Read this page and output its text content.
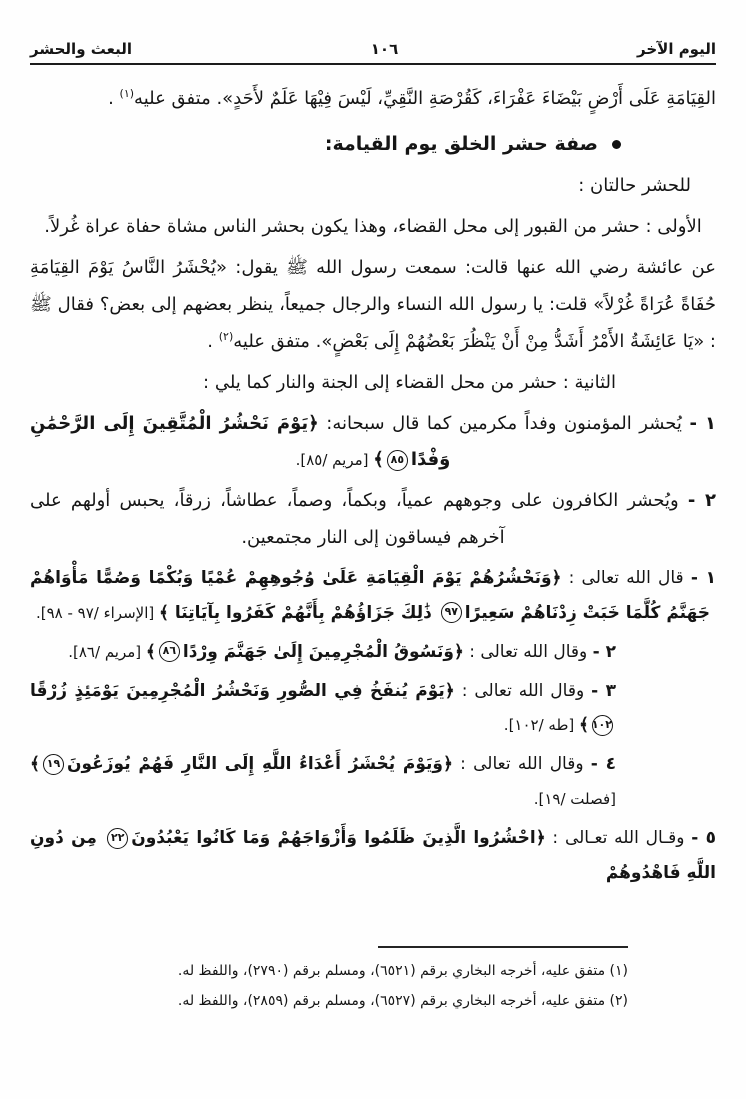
اليوم الآخر
١٠٦
البعث والحشر

القِيَامَةِ عَلَى أَرْضٍ بَيْضَاءَ عَفْرَاءَ، كَقُرْصَةِ النَّقِيِّ، لَيْسَ فِيْهَا عَلَمٌ لأَحَدٍ». متفق عليه$^{(١)}$ .

صفة حشر الخلق يوم القيامة:

للحشر حالتان :

الأولى : حشر من القبور إلى محل القضاء، وهذا يكون بحشر الناس مشاة حفاة عراة غُرلاً.

عن عائشة رضي الله عنها قالت: سمعت رسول الله ﷺ يقول: «يُحْشَرُ النَّاسُ يَوْمَ القِيَامَةِ حُفَاةً عُرَاةً غُرْلاً» قلت: يا رسول الله النساء والرجال جميعاً، ينظر بعضهم إلى بعض؟ فقال ﷺ : «يَا عَائِشَةُ الأَمْرُ أَشَدُّ مِنْ أَنْ يَنْظُرَ بَعْضُهُمْ إِلَى بَعْضٍ». متفق عليه$^{(٢)}$ .

الثانية : حشر من محل القضاء إلى الجنة والنار كما يلي :

١ - يُحشر المؤمنون وفداً مكرمين كما قال سبحانه: ﴿يَوْمَ نَحْشُرُ الْمُتَّقِينَ إِلَى الرَّحْمَٰنِ وَفْدًا٨٥﴾ [مريم /٨٥].

٢ - ويُحشر الكافرون على وجوههم عمياً، وبكماً، وصماً، عطاشاً، زرقاً، يحبس أولهم على آخرهم فيساقون إلى النار مجتمعين.

١ - قال الله تعالى : ﴿وَنَحْشُرُهُمْ يَوْمَ الْقِيَامَةِ عَلَىٰ وُجُوهِهِمْ عُمْيًا وَبُكْمًا وَصُمًّا مَأْوَاهُمْ جَهَنَّمُ كُلَّمَا خَبَتْ زِدْنَاهُمْ سَعِيرًا٩٧ ذَٰلِكَ جَزَاؤُهُمْ بِأَنَّهُمْ كَفَرُوا بِآيَاتِنَا ﴾ [الإسراء /٩٧ - ٩٨].

٢ - وقال الله تعالى : ﴿وَنَسُوقُ الْمُجْرِمِينَ إِلَىٰ جَهَنَّمَ وِرْدًا٨٦﴾ [مريم /٨٦].

٣ - وقال الله تعالى : ﴿يَوْمَ يُنفَخُ فِي الصُّورِ وَنَحْشُرُ الْمُجْرِمِينَ يَوْمَئِذٍ زُرْقًا١٠٢﴾ [طه /١٠٢].

٤ - وقال الله تعالى : ﴿وَيَوْمَ يُحْشَرُ أَعْدَاءُ اللَّهِ إِلَى النَّارِ فَهُمْ يُوزَعُونَ١٩﴾ [فصلت /١٩].

٥ - وقـال الله تعـالى : ﴿احْشُرُوا الَّذِينَ ظَلَمُوا وَأَزْوَاجَهُمْ وَمَا كَانُوا يَعْبُدُونَ٢٢ مِن دُونِ اللَّهِ فَاهْدُوهُمْ

(١) متفق عليه، أخرجه البخاري برقم (٦٥٢١)، ومسلم برقم (٢٧٩٠)، واللفظ له.

(٢) متفق عليه، أخرجه البخاري برقم (٦٥٢٧)، ومسلم برقم (٢٨٥٩)، واللفظ له.
